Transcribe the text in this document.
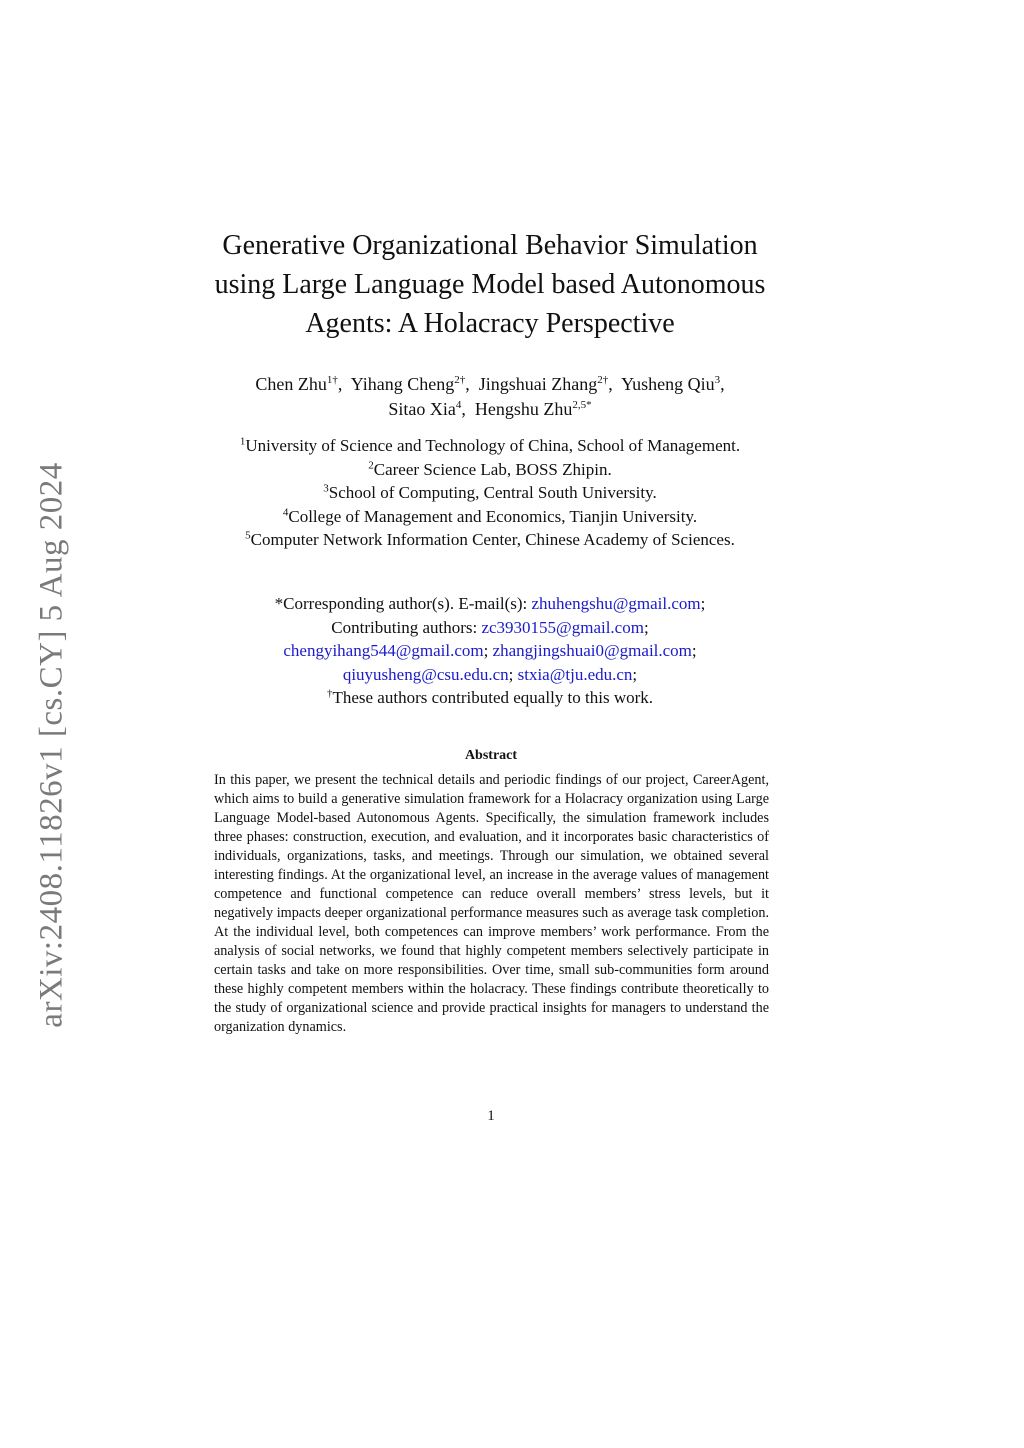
arXiv:2408.11826v1 [cs.CY] 5 Aug 2024
Generative Organizational Behavior Simulation
using Large Language Model based Autonomous
Agents: A Holacracy Perspective
Chen Zhu$^{1\dagger}$,  Yihang Cheng$^{2\dagger}$,  Jingshuai Zhang$^{2\dagger}$,  Yusheng Qiu$^3$,
Sitao Xia$^4$,  Hengshu Zhu$^{2,5*}$
$^1$University of Science and Technology of China, School of Management.
$^2$Career Science Lab, BOSS Zhipin.
$^3$School of Computing, Central South University.
$^4$College of Management and Economics, Tianjin University.
$^5$Computer Network Information Center, Chinese Academy of Sciences.
*Corresponding author(s). E-mail(s): zhuhengshu@gmail.com;
Contributing authors: zc3930155@gmail.com;
chengyihang544@gmail.com; zhangjingshuai0@gmail.com;
qiuyusheng@csu.edu.cn; stxia@tju.edu.cn;
†These authors contributed equally to this work.
Abstract
In this paper, we present the technical details and periodic findings of our project, CareerAgent, which aims to build a generative simulation framework for a Holacracy organization using Large Language Model-based Autonomous Agents. Specifically, the simulation framework includes three phases: construction, execution, and evaluation, and it incorporates basic characteristics of individuals, organizations, tasks, and meetings. Through our simulation, we obtained several interesting findings. At the organizational level, an increase in the average values of management competence and functional competence can reduce overall members’ stress levels, but it negatively impacts deeper organizational performance measures such as average task completion. At the individual level, both competences can improve members’ work performance. From the analysis of social networks, we found that highly competent members selectively participate in certain tasks and take on more responsibilities. Over time, small sub-communities form around these highly competent members within the holacracy. These findings contribute theoretically to the study of organizational science and provide practical insights for managers to understand the organization dynamics.
1
